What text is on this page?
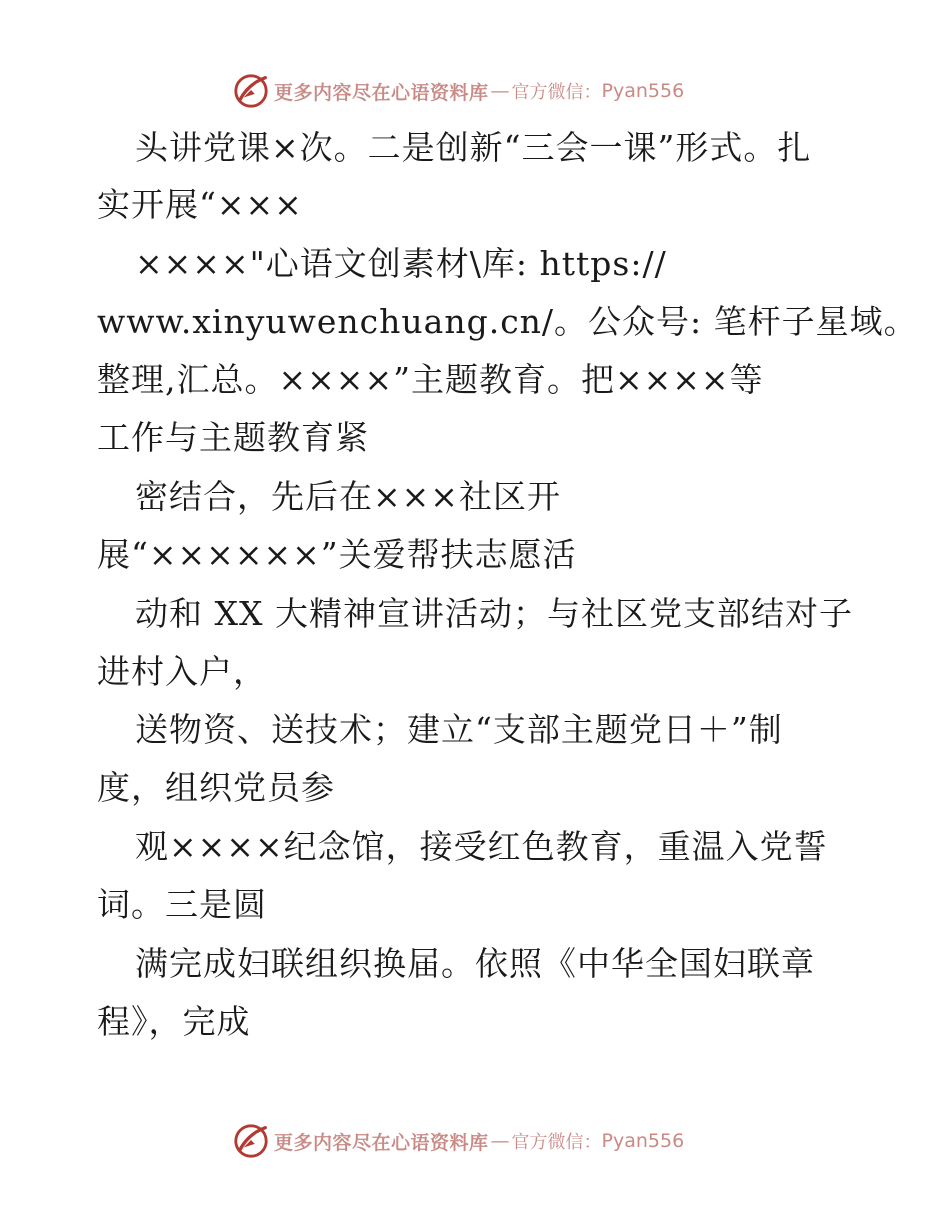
更多内容尽在心语资料库 — 官方微信： Pyan556
头讲党课×次。二是创新“三会一课”形式。扎
实开展“×××
××××"心语文创素材\库: https://
www.xinyuwenchuang.cn/。公众号: 笔杆子星域。
整理,汇总。××××”主题教育。把××××等
工作与主题教育紧
密结合，先后在×××社区开
展“××××××”关爱帮扶志愿活
动和 XX 大精神宣讲活动；与社区党支部结对子
进村入户，
送物资、送技术；建立“支部主题党日＋”制
度，组织党员参
观××××纪念馆，接受红色教育，重温入党誓
词。三是圆
满完成妇联组织换届。依照《中华全国妇联章
程》，完成
更多内容尽在心语资料库 — 官方微信： Pyan556
